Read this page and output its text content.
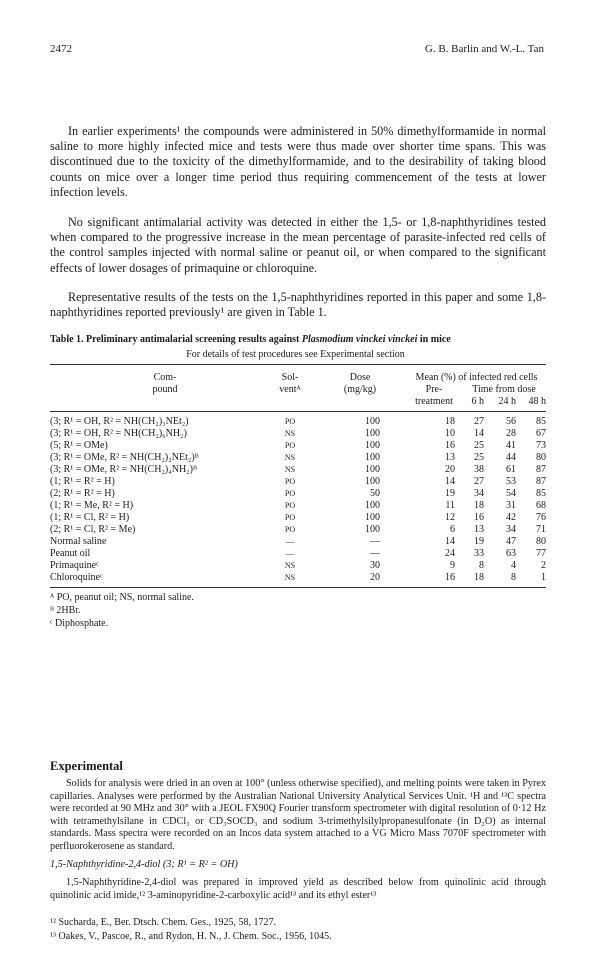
2472	G. B. Barlin and W.-L. Tan
In earlier experiments¹ the compounds were administered in 50% dimethylformamide in normal saline to more highly infected mice and tests were thus made over shorter time spans. This was discontinued due to the toxicity of the dimethylformamide, and to the desirability of taking blood counts on mice over a longer time period thus requiring commencement of the tests at lower infection levels.
No significant antimalarial activity was detected in either the 1,5- or 1,8-naphthyridines tested when compared to the progressive increase in the mean percentage of parasite-infected red cells of the control samples injected with normal saline or peanut oil, or when compared to the significant effects of lower dosages of primaquine or chloroquine.
Representative results of the tests on the 1,5-naphthyridines reported in this paper and some 1,8-naphthyridines reported previously¹ are given in Table 1.
Table 1. Preliminary antimalarial screening results against Plasmodium vinckei vinckei in mice
For details of test procedures see Experimental section
Com-
pound
Sol-
ventᴬ
Dose
(mg/kg)
Mean (%) of infected red cells
Pre-
treatment
Time from dose
6 h	24 h	48 h
(3; R¹ = OH, R² = NH(CH₂)₃NEt₂)	PO	100	18	27	56	85
(3; R¹ = OH, R² = NH(CH₂)₆NH₂)	NS	100	10	14	28	67
(5; R¹ = OMe)	PO	100	16	25	41	73
(3; R¹ = OMe, R² = NH(CH₂)₂NEt₂)ᴮ	NS	100	13	25	44	80
(3; R¹ = OMe, R² = NH(CH₂)₄NH₂)ᴮ	NS	100	20	38	61	87
(1; R¹ = R² = H)	PO	100	14	27	53	87
(2; R¹ = R² = H)	PO	50	19	34	54	85
(1; R¹ = Me, R² = H)	PO	100	11	18	31	68
(1; R¹ = Cl, R² = H)	PO	100	12	16	42	76
(2; R¹ = Cl, R² = Me)	PO	100	6	13	34	71
Normal saline	—	—	14	19	47	80
Peanut oil	—	—	24	33	63	77
Primaquineᶜ	NS	30	9	8	4	2
Chloroquineᶜ	NS	20	16	18	8	1
ᴬ PO, peanut oil; NS, normal saline.
ᴮ 2HBr.
ᶜ Diphosphate.
Experimental
Solids for analysis were dried in an oven at 100° (unless otherwise specified), and melting points were taken in Pyrex capillaries. Analyses were performed by the Australian National University Analytical Services Unit. ¹H and ¹³C spectra were recorded at 90 MHz and 30° with a JEOL FX90Q Fourier transform spectrometer with digital resolution of 0·12 Hz with tetramethylsilane in CDCl₃ or CD₃SOCD₃ and sodium 3-trimethylsilylpropanesulfonate (in D₂O) as internal standards. Mass spectra were recorded on an Incos data system attached to a VG Micro Mass 7070F spectrometer with perfluorokerosene as standard.
1,5-Naphthyridine-2,4-diol (3; R¹ = R² = OH)
1,5-Naphthyridine-2,4-diol was prepared in improved yield as described below from quinolinic acid through quinolinic acid imide,¹² 3-aminopyridine-2-carboxylic acid¹³ and its ethyl ester¹³
¹² Sucharda, E., Ber. Dtsch. Chem. Ges., 1925, 58, 1727.
¹³ Oakes, V., Pascoe, R., and Rydon, H. N., J. Chem. Soc., 1956, 1045.
